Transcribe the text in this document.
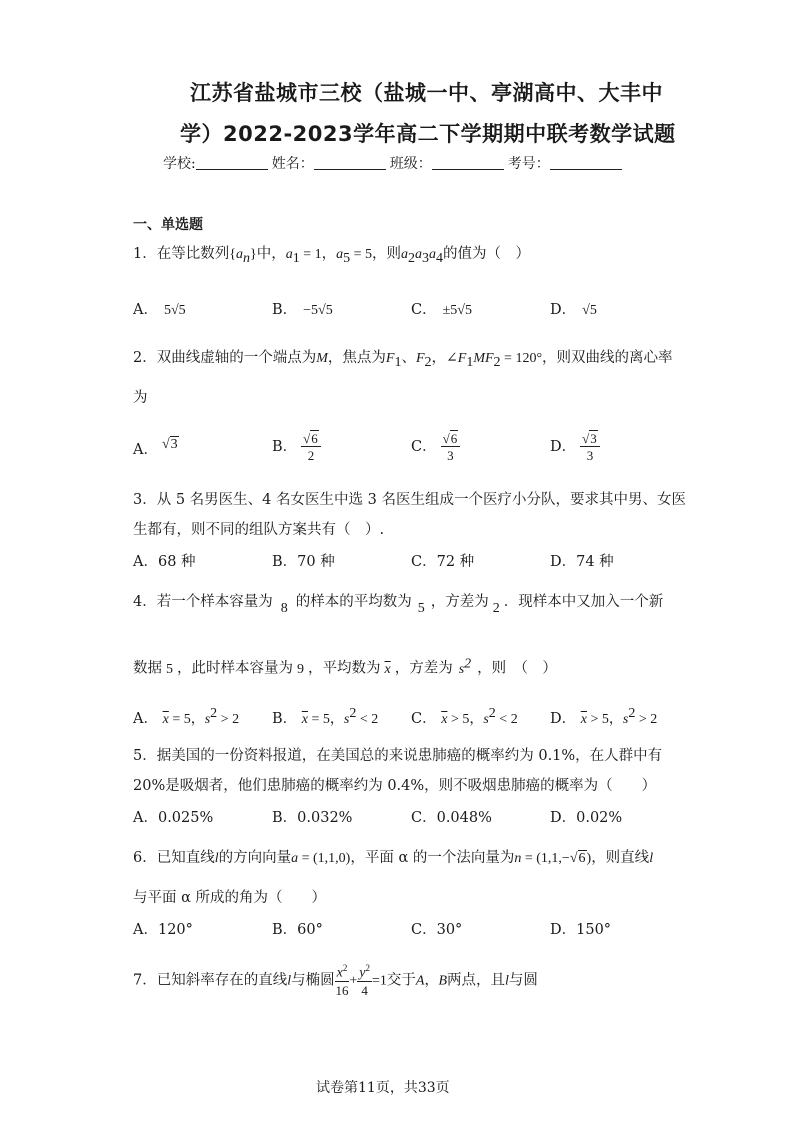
江苏省盐城市三校（盐城一中、亭湖高中、大丰中
学）2022-2023学年高二下学期期中联考数学试题
学校:	姓名：	班级：	考号：
一、单选题
1．在等比数列$\{a_n\}$中，$a_1 = 1$，$a_5 = 5$，则$a_2a_3a_4$的值为（　）
A． 5√5	B． −5√5	C． ±5√5	D． √5
2．双曲线虚轴的一个端点为M，焦点为$F_1$、$F_2$，$\angle F_1MF_2 = 120^\circ$，则双曲线的离心率
为
A． √3	B． $\frac{√6}{2}$	C． $\frac{√6}{3}$	D． $\frac{√3}{3}$
3．从 5 名男医生、4 名女医生中选 3 名医生组成一个医疗小分队，要求其中男、女医
生都有，则不同的组队方案共有（　）.
A．68 种	B．70 种	C．72 种	D．74 种
4．若一个样本容量为 8 的样本的平均数为 5 ，方差为 2 ．现样本中又加入一个新
数据 5 ，此时样本容量为 9 ，平均数为 $\overline{x}$ ，方差为 $s^2$ ，则　（　）
A． $\overline{x} = 5$，$s^2 > 2$ B． $\overline{x} = 5$，$s^2 < 2$ C． $\overline{x} > 5$，$s^2 < 2$ D． $\overline{x} > 5$，$s^2 > 2$
5．据美国的一份资料报道，在美国总的来说患肺癌的概率约为 0.1%，在人群中有
20%是吸烟者，他们患肺癌的概率约为 0.4%，则不吸烟患肺癌的概率为（　　）
A．0.025%	B．0.032%	C．0.048%	D．0.02%
6．已知直线l的方向向量a = (1,1,0)，平面 α 的一个法向量为n = (1,1,−√6)，则直线l
与平面 α 所成的角为（　　）
A．120°	B．60°	C．30°	D．150°
7．已知斜率存在的直线l与椭圆 $\frac{x^2}{16} + \frac{y^2}{4} =1$交于A，B两点，且l与圆
试卷第11页，共33页
